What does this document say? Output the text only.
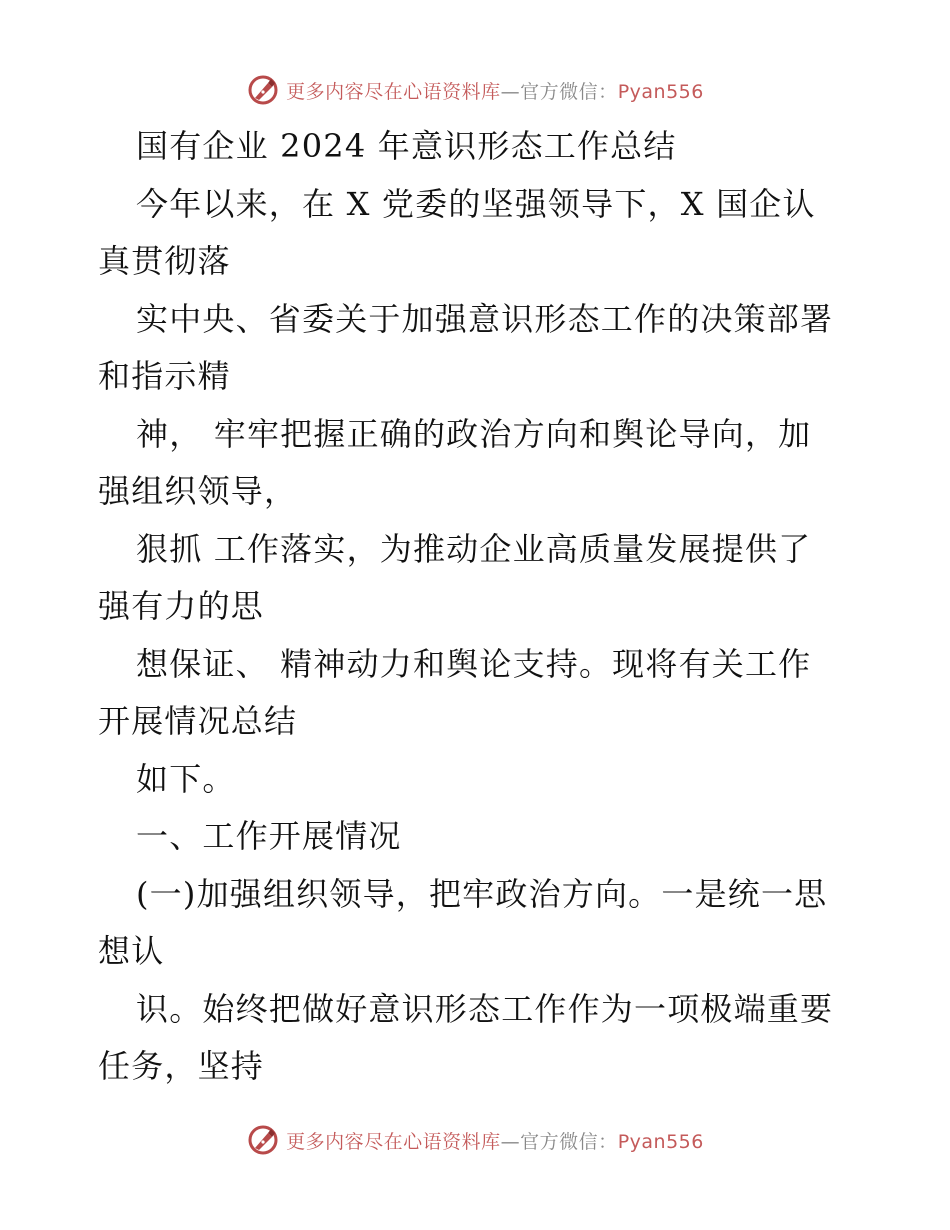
更多内容尽在心语资料库—官方微信：Pyan556
国有企业 2024 年意识形态工作总结
今年以来，在 X 党委的坚强领导下，X 国企认
真贯彻落
实中央、省委关于加强意识形态工作的决策部署
和指示精
神， 牢牢把握正确的政治方向和舆论导向，加
强组织领导，
狠抓 工作落实，为推动企业高质量发展提供了
强有力的思
想保证、 精神动力和舆论支持。现将有关工作
开展情况总结
如下。
一、工作开展情况
(一)加强组织领导，把牢政治方向。一是统一思
想认
识。始终把做好意识形态工作作为一项极端重要
任务，坚持
更多内容尽在心语资料库—官方微信：Pyan556
